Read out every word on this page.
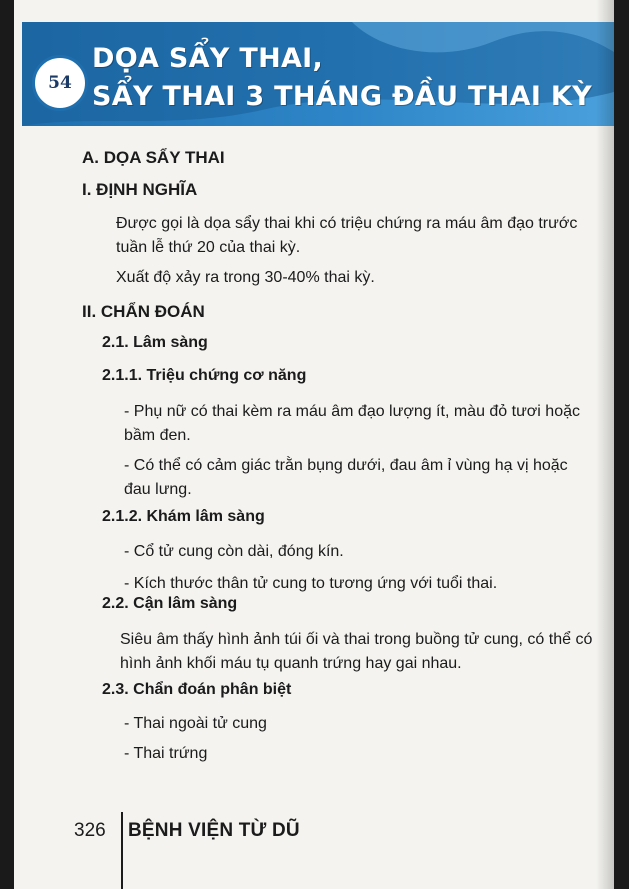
54
DỌA SẨY THAI,
SẨY THAI 3 THÁNG ĐẦU THAI KỲ
A. DỌA SẨY THAI
I. ĐỊNH NGHĨA
Được gọi là dọa sẩy thai khi có triệu chứng ra máu âm đạo trước tuần lễ thứ 20 của thai kỳ.
Xuất độ xảy ra trong 30-40% thai kỳ.
II. CHẨN ĐOÁN
2.1. Lâm sàng
2.1.1. Triệu chứng cơ năng
- Phụ nữ có thai kèm ra máu âm đạo lượng ít, màu đỏ tươi hoặc bầm đen.
- Có thể có cảm giác trằn bụng dưới, đau âm ỉ vùng hạ vị hoặc đau lưng.
2.1.2. Khám lâm sàng
- Cổ tử cung còn dài, đóng kín.
- Kích thước thân tử cung to tương ứng với tuổi thai.
2.2. Cận lâm sàng
Siêu âm thấy hình ảnh túi ối và thai trong buồng tử cung, có thể có hình ảnh khối máu tụ quanh trứng hay gai nhau.
2.3. Chẩn đoán phân biệt
- Thai ngoài tử cung
- Thai trứng
326 BỆNH VIỆN TỪ DŨ
